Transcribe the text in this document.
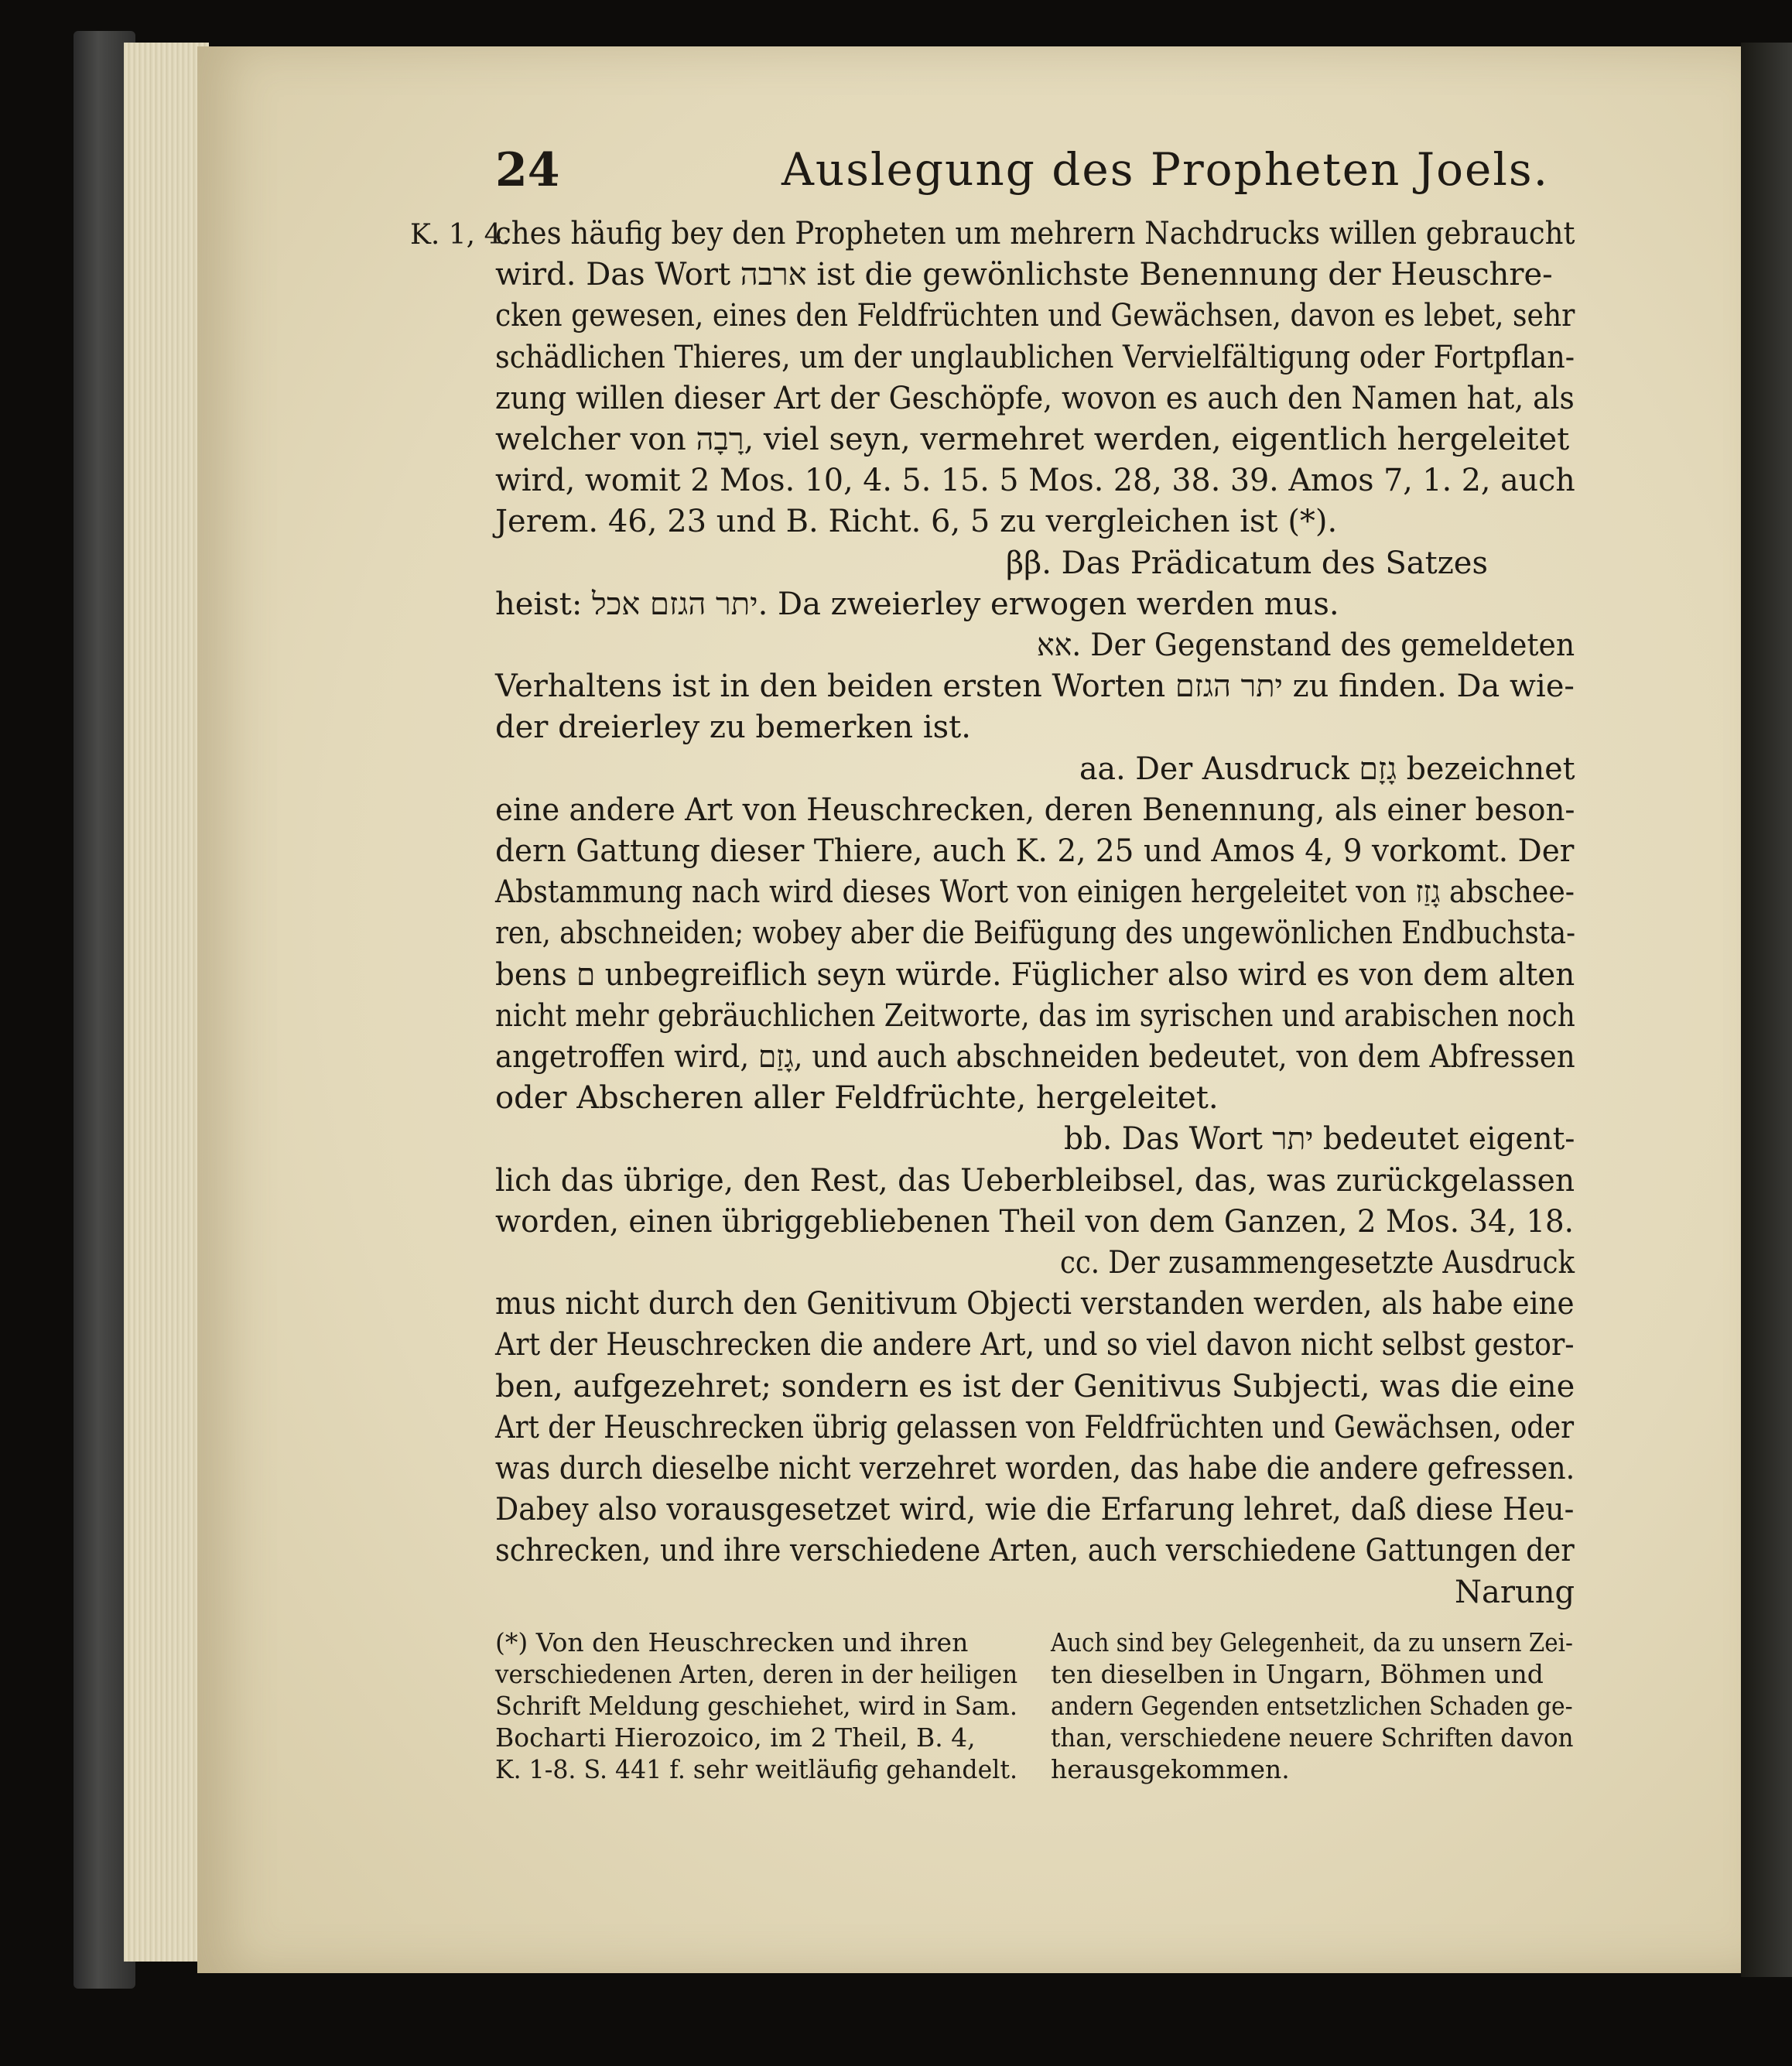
24	Auslegung des Propheten Joels.
K. 1, 4.
ches häufig bey den Propheten um mehrern Nachdrucks willen gebraucht
wird. Das Wort ארבה ist die gewönlichste Benennung der Heuschre-
cken gewesen, eines den Feldfrüchten und Gewächsen, davon es lebet, sehr
schädlichen Thieres, um der unglaublichen Vervielfältigung oder Fortpflan-
zung willen dieser Art der Geschöpfe, wovon es auch den Namen hat, als
welcher von רָבָה, viel seyn, vermehret werden, eigentlich hergeleitet
wird, womit 2 Mos. 10, 4. 5. 15. 5 Mos. 28, 38. 39. Amos 7, 1. 2, auch
Jerem. 46, 23 und B. Richt. 6, 5 zu vergleichen ist (*).
ββ. Das Prädicatum des Satzes
heist: יתר הגזם אכל. Da zweierley erwogen werden mus.
אא. Der Gegenstand des gemeldeten
Verhaltens ist in den beiden ersten Worten יתר הגזם zu finden. Da wie-
der dreierley zu bemerken ist.
aa. Der Ausdruck גָזָם bezeichnet
eine andere Art von Heuschrecken, deren Benennung, als einer beson-
dern Gattung dieser Thiere, auch K. 2, 25 und Amos 4, 9 vorkomt. Der
Abstammung nach wird dieses Wort von einigen hergeleitet von גָזַז abschee-
ren, abschneiden; wobey aber die Beifügung des ungewönlichen Endbuchsta-
bens ם unbegreiflich seyn würde. Füglicher also wird es von dem alten
nicht mehr gebräuchlichen Zeitworte, das im syrischen und arabischen noch
angetroffen wird, גָזַם, und auch abschneiden bedeutet, von dem Abfressen
oder Abscheren aller Feldfrüchte, hergeleitet.
bb. Das Wort יתר bedeutet eigent-
lich das übrige, den Rest, das Ueberbleibsel, das, was zurückgelassen
worden, einen übriggebliebenen Theil von dem Ganzen, 2 Mos. 34, 18.
cc. Der zusammengesetzte Ausdruck
mus nicht durch den Genitivum Objecti verstanden werden, als habe eine
Art der Heuschrecken die andere Art, und so viel davon nicht selbst gestor-
ben, aufgezehret; sondern es ist der Genitivus Subjecti, was die eine
Art der Heuschrecken übrig gelassen von Feldfrüchten und Gewächsen, oder
was durch dieselbe nicht verzehret worden, das habe die andere gefressen.
Dabey also vorausgesetzet wird, wie die Erfarung lehret, daß diese Heu-
schrecken, und ihre verschiedene Arten, auch verschiedene Gattungen der
Narung
(*) Von den Heuschrecken und ihren
verschiedenen Arten, deren in der heiligen
Schrift Meldung geschiehet, wird in Sam.
Bocharti Hierozoico, im 2 Theil, B. 4,
K. 1-8. S. 441 f. sehr weitläufig gehandelt.
Auch sind bey Gelegenheit, da zu unsern Zei-
ten dieselben in Ungarn, Böhmen und
andern Gegenden entsetzlichen Schaden ge-
than, verschiedene neuere Schriften davon
herausgekommen.
